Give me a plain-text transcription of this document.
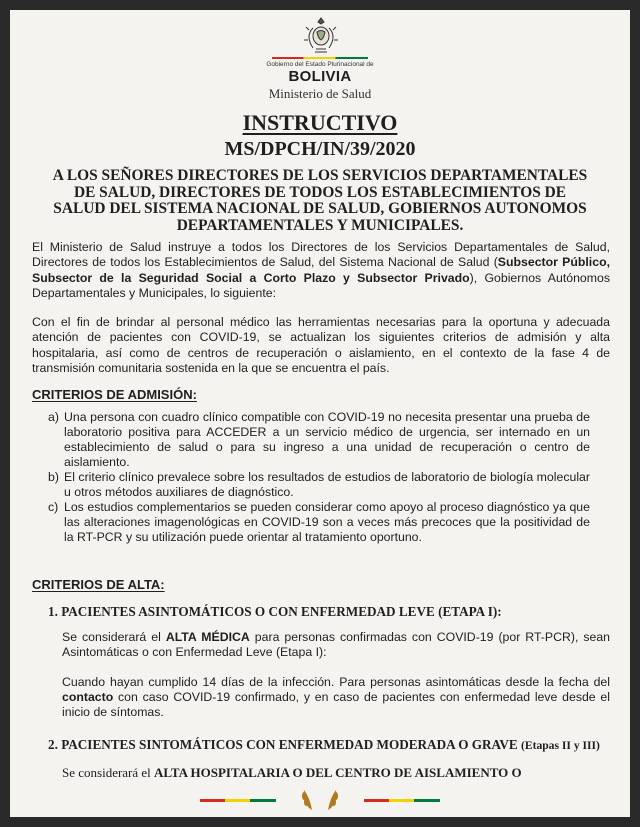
Gobierno del Estado Plurinacional de
BOLIVIA
Ministerio de Salud
INSTRUCTIVO
MS/DPCH/IN/39/2020
A LOS SEÑORES DIRECTORES DE LOS SERVICIOS DEPARTAMENTALES DE SALUD, DIRECTORES DE TODOS LOS ESTABLECIMIENTOS DE SALUD DEL SISTEMA NACIONAL DE SALUD, GOBIERNOS AUTONOMOS DEPARTAMENTALES Y MUNICIPALES.

El Ministerio de Salud instruye a todos los Directores de los Servicios Departamentales de Salud, Directores de todos los Establecimientos de Salud, del Sistema Nacional de Salud (Subsector Público, Subsector de la Seguridad Social a Corto Plazo y Subsector Privado), Gobiernos Autónomos Departamentales y Municipales, lo siguiente:

Con el fin de brindar al personal médico las herramientas necesarias para la oportuna y adecuada atención de pacientes con COVID-19, se actualizan los siguientes criterios de admisión y alta hospitalaria, así como de centros de recuperación o aislamiento, en el contexto de la fase 4 de transmisión comunitaria sostenida en la que se encuentra el país.

CRITERIOS DE ADMISIÓN:

a) Una persona con cuadro clínico compatible con COVID-19 no necesita presentar una prueba de laboratorio positiva para ACCEDER a un servicio médico de urgencia, ser internado en un establecimiento de salud o para su ingreso a una unidad de recuperación o centro de aislamiento.

b) El criterio clínico prevalece sobre los resultados de estudios de laboratorio de biología molecular u otros métodos auxiliares de diagnóstico.

c) Los estudios complementarios se pueden considerar como apoyo al proceso diagnóstico ya que las alteraciones imagenológicas en COVID-19 son a veces más precoces que la positividad de la RT-PCR y su utilización puede orientar al tratamiento oportuno.

CRITERIOS DE ALTA:
1. PACIENTES ASINTOMÁTICOS O CON ENFERMEDAD LEVE (ETAPA I):

Se considerará el ALTA MÉDICA para personas confirmadas con COVID-19 (por RT-PCR), sean Asintomáticas o con Enfermedad Leve (Etapa I):

Cuando hayan cumplido 14 días de la infección. Para personas asintomáticas desde la fecha del contacto con caso COVID-19 confirmado, y en caso de pacientes con enfermedad leve desde el inicio de síntomas.

2. PACIENTES SINTOMÁTICOS CON ENFERMEDAD MODERADA O GRAVE (Etapas II y III)

Se considerará el ALTA HOSPITALARIA O DEL CENTRO DE AISLAMIENTO O
